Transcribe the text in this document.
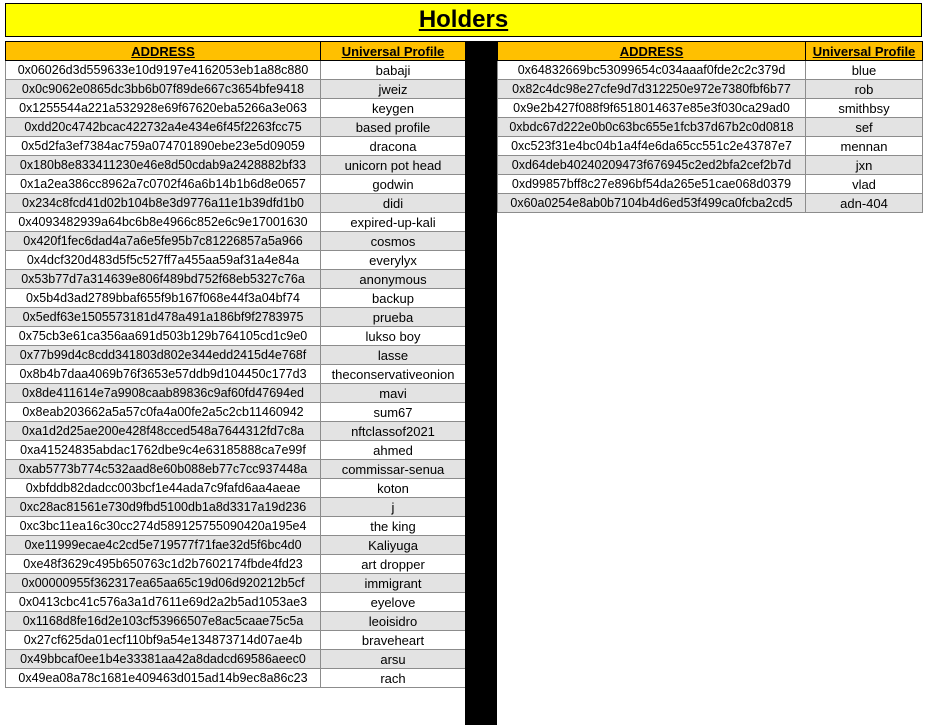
Holders
ADDRESS	Universal Profile
0x06026d3d559633e10d9197e4162053eb1a88c880	babaji
0x0c9062e0865dc3bb6b07f89de667c3654bfe9418	jweiz
0x1255544a221a532928e69f67620eba5266a3e063	keygen
0xdd20c4742bcac422732a4e434e6f45f2263fcc75	based profile
0x5d2fa3ef7384ac759a074701890ebe23e5d09059	dracona
0x180b8e833411230e46e8d50cdab9a2428882bf33	unicorn pot head
0x1a2ea386cc8962a7c0702f46a6b14b1b6d8e0657	godwin
0x234c8fcd41d02b104b8e3d9776a11e1b39dfd1b0	didi
0x4093482939a64bc6b8e4966c852e6c9e17001630	expired-up-kali
0x420f1fec6dad4a7a6e5fe95b7c81226857a5a966	cosmos
0x4dcf320d483d5f5c527ff7a455aa59af31a4e84a	everylyx
0x53b77d7a314639e806f489bd752f68eb5327c76a	anonymous
0x5b4d3ad2789bbaf655f9b167f068e44f3a04bf74	backup
0x5edf63e1505573181d478a491a186bf9f2783975	prueba
0x75cb3e61ca356aa691d503b129b764105cd1c9e0	lukso boy
0x77b99d4c8cdd341803d802e344edd2415d4e768f	lasse
0x8b4b7daa4069b76f3653e57ddb9d104450c177d3	theconservativeonion
0x8de411614e7a9908caab89836c9af60fd47694ed	mavi
0x8eab203662a5a57c0fa4a00fe2a5c2cb11460942	sum67
0xa1d2d25ae200e428f48cced548a7644312fd7c8a	nftclassof2021
0xa41524835abdac1762dbe9c4e63185888ca7e99f	ahmed
0xab5773b774c532aad8e60b088eb77c7cc937448a	commissar-senua
0xbfddb82dadcc003bcf1e44ada7c9fafd6aa4aeae	koton
0xc28ac81561e730d9fbd5100db1a8d3317a19d236	j
0xc3bc11ea16c30cc274d589125755090420a195e4	the king
0xe11999ecae4c2cd5e719577f71fae32d5f6bc4d0	Kaliyuga
0xe48f3629c495b650763c1d2b7602174fbde4fd23	art dropper
0x00000955f362317ea65aa65c19d06d920212b5cf	immigrant
0x0413cbc41c576a3a1d7611e69d2a2b5ad1053ae3	eyelove
0x1168d8fe16d2e103cf53966507e8ac5caae75c5a	leoisidro
0x27cf625da01ecf110bf9a54e134873714d07ae4b	braveheart
0x49bbcaf0ee1b4e33381aa42a8dadcd69586aeec0	arsu
0x49ea08a78c1681e409463d015ad14b9ec8a86c23	rach
ADDRESS	Universal Profile
0x64832669bc53099654c034aaaf0fde2c2c379d	blue
0x82c4dc98e27cfe9d7d312250e972e7380fbf6b77	rob
0x9e2b427f088f9f6518014637e85e3f030ca29ad0	smithbsy
0xbdc67d222e0b0c63bc655e1fcb37d67b2c0d0818	sef
0xc523f31e4bc04b1a4f4e6da65cc551c2e43787e7	mennan
0xd64deb40240209473f676945c2ed2bfa2cef2b7d	jxn
0xd99857bff8c27e896bf54da265e51cae068d0379	vlad
0x60a0254e8ab0b7104b4d6ed53f499ca0fcba2cd5	adn-404
